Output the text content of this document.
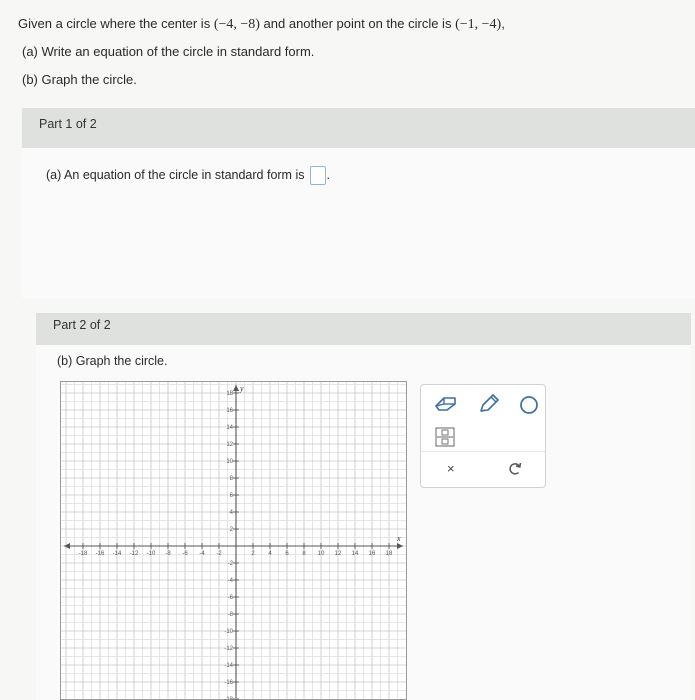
Given a circle where the center is (−4, −8) and another point on the circle is (−1, −4),
(a) Write an equation of the circle in standard form.
(b) Graph the circle.
Part 1 of 2
(a) An equation of the circle in standard form is .
Part 2 of 2
(b) Graph the circle.
x
y
-18 -16 -14 -12 -10 -8 -6 -4 -2	2 4 6 8 10 12 14 16 18
18
16
14
12
10
8
6
4
2
-2
-4
-6
-8
-10
-12
-14
-16
-18
×
